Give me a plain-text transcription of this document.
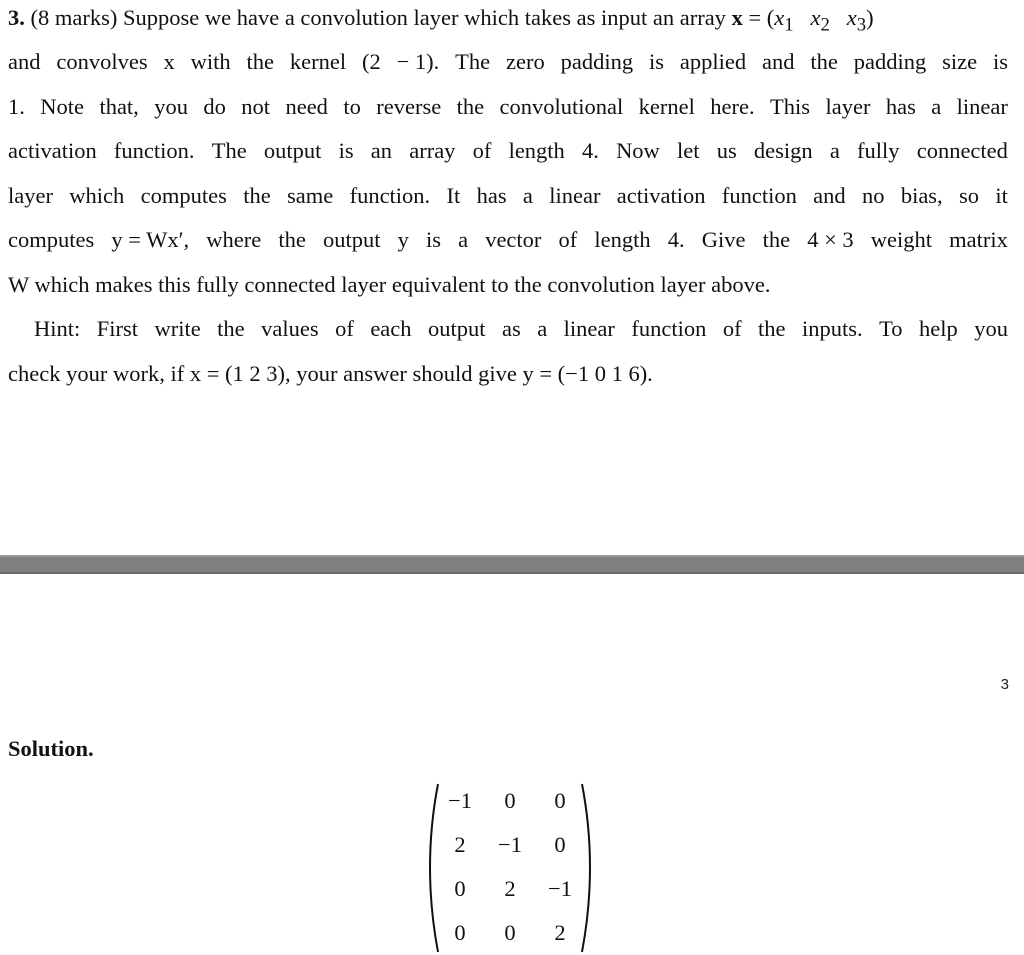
3. (8 marks) Suppose we have a convolution layer which takes as input an array $x = (x_1$ $x_2$ $x_3$)
and convolves x with the kernel (2 − 1). The zero padding is applied and the padding size is
1. Note that, you do not need to reverse the convolutional kernel here. This layer has a linear
activation function. The output is an array of length 4. Now let us design a fully connected
layer which computes the same function. It has a linear activation function and no bias, so it
computes y = Wx′, where the output y is a vector of length 4. Give the 4 × 3 weight matrix
W which makes this fully connected layer equivalent to the convolution layer above.
Hint: First write the values of each output as a linear function of the inputs. To help you
check your work, if x = (1 2 3), your answer should give y = (−1 0 1 6).
3
Solution.
−1	0	0
2	−1	0
0	2	−1
0	0	2
